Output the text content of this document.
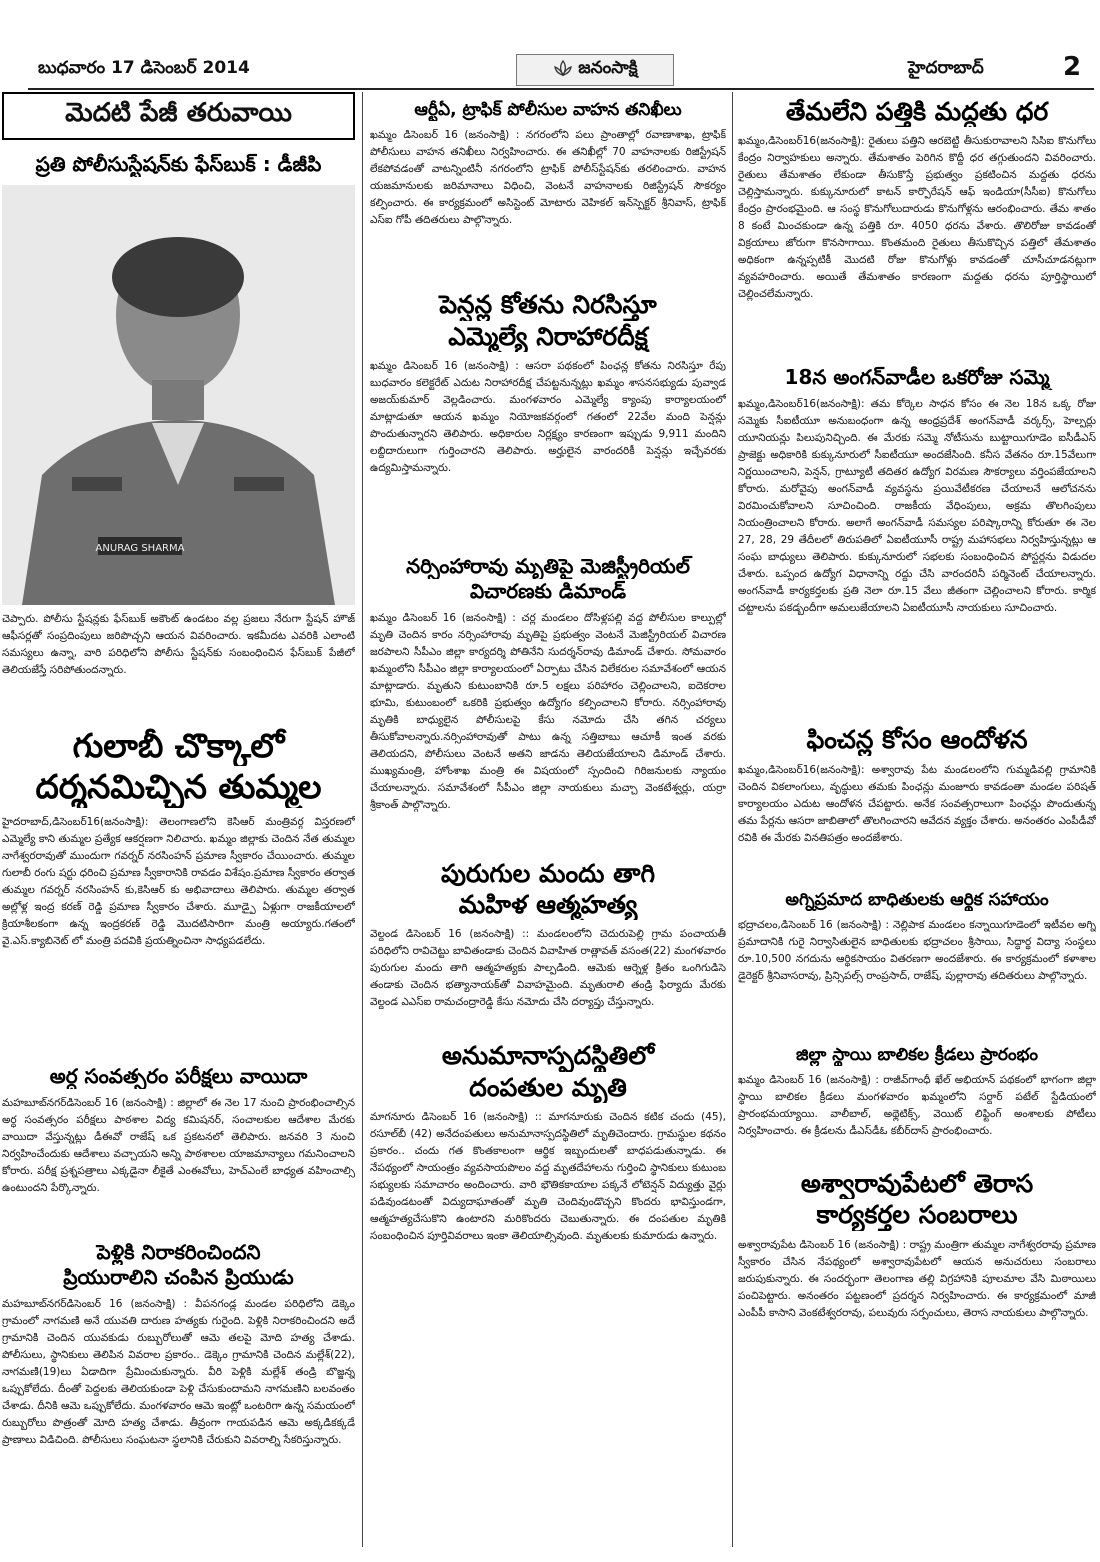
బుధవారం 17 డిసెంబర్ 2014	జనంసాక్షి	హైదరాబాద్	2
మెదటి పేజీ తరువాయి
ప్రతి పోలీసుస్టేషన్‌కు ఫేస్‌బుక్ : డీజీపి
ANURAG SHARMA

చెప్పారు. పోలీసు స్టేషన్లకు ఫేస్‌బుక్ అకౌంట్ ఉండటం వల్ల ప్రజలు నేరుగా స్టేషన్ హౌజ్ ఆఫీసర్లతో సంప్రదింపులు జరిపొచ్చని ఆయన వివరించారు. ఇకమీదట ఎవరికి ఎలాంటి సమస్యలు ఉన్నా, వారి పరిధిలోని పోలీసు స్టేషన్‌కు సంబంధించిన ఫేస్‌బుక్ పేజీలో తెలియజేస్తే సరిపోతుందన్నారు.

గులాబీ చొక్కాలో
దర్శనమిచ్చిన తుమ్మల

హైదరాబాద్,డిసెంబర్16(జనంసాక్షి): తెలంగాణలోని కెసిఆర్ మంత్రివర్గ విస్తరణలో ఎమ్మెల్యే కాని తుమ్మల ప్రత్యేక ఆకర్షణగా నిలిచారు. ఖమ్మం జిల్లాకు చెందిన నేత తుమ్మల నాగేశ్వరరావుతో ముందుగా గవర్నర్ నరసింహన్ ప్రమాణ స్వీకారం చేయించారు. తుమ్మల గులాబీ రంగు షర్టు ధరించి ప్రమాణ స్వీకారానికి రావడం విశేషం.ప్రమాణ స్వీకారం తర్వాత తుమ్మల గవర్నర్ నరసింహన్ కు,కెసిఆర్ కు అభివాదాలు తెలిపారు. తుమ్మల తర్వాత అల్లోళ్ల ఇంద్ర కరణ్ రెడ్డి ప్రమాణ స్వీకారం చేశారు. మూడ్పై ఏళ్లుగా రాజకీయాలలో క్రియాశీలకంగా ఉన్న ఇంద్రకరణ్ రెడ్డి మొదటిసారిగా మంత్రి అయ్యారు.గతంలో వై.ఎస్.క్యాబినెట్ లో మంత్రి పదవికి ప్రయత్నించినా సాధ్యపడలేదు.

అర్ధ సంవత్సరం పరీక్షలు వాయిదా

మహబూబ్‌నగర్‌డిసెంబర్ 16 (జనంసాక్షి) : జిల్లాలో ఈ నెల 17 నుంచి ప్రారంభించాల్సిన అర్ధ సంవత్సరం పరీక్షలు పాఠశాల విద్య కమిషనర్, సంచాలకుల ఆదేశాల మేరకు వాయిదా వేస్తున్నట్లు డీఈవో రాజేష్ ఒక ప్రకటనలో తెలిపారు. జనవరి 3 నుంచి నిర్వహించేందుకు ఆదేశాలు వచ్చాయని అన్ని పాఠశాలల యాజమాన్యాలు గమనించాలని కోరారు. పరీక్ష ప్రశ్నపత్రాలు ఎక్కడైనా లీకైతే ఎంఈవోలు, హెచ్ఎంలే బాధ్యత వహించాల్సి ఉంటుందని పేర్కొన్నారు.

పెళ్లికి నిరాకరించిందని
ప్రియురాలిని చంపిన ప్రియుడు

మహబూబ్‌నగర్‌డిసెంబర్ 16 (జనంసాక్షి) : వీపనగండ్ల మండల పరిధిలోని డెక్కెం గ్రామంలో నాగమణి అనే యువతి దారుణ హత్యకు గురైంది. పెళ్లికి నిరాకరించిందని అదే గ్రామానికి చెందిన యువకుడు రుబ్బురోలుతో ఆమె తలపై మోది హత్య చేశాడు. పోలీసులు, స్థానికులు తెలిపిన వివరాల ప్రకారం.. డెక్కెం గ్రామానికి చెందిన మల్లేశ్(22), నాగమణి(19)లు ఏడాదిగా ప్రేమించుకున్నారు. వీరి పెళ్లికి మల్లేశ్ తండ్రి బొజ్జన్న ఒప్పుకోలేదు. దీంతో పెద్దలకు తెలియకుండా పెళ్లి చేసుకుందామని నాగమణిని బలవంతం చేశాడు. దీనికి ఆమె ఒప్పుకోలేదు. మంగళవారం ఆమె ఇంట్లో ఒంటరిగా ఉన్న సమయంలో రుబ్బురోలు పొత్రంతో మోది హత్య చేశాడు. తీవ్రంగా గాయపడిన ఆమె అక్కడికక్కడే ప్రాణాలు విడిచింది. పోలీసులు సంఘటనా స్థలానికి చేరుకుని వివరాల్ని సేకరిస్తున్నారు.

ఆర్టీఏ, ట్రాఫిక్ పోలీసుల వాహన తనిఖీలు

ఖమ్మం డిసెంబర్ 16 (జనంసాక్షి) : నగరంలోని పలు ప్రాంతాల్లో రవాణాశాఖ, ట్రాఫిక్ పోలీసులు వాహన తనిఖీలు నిర్వహించారు. ఈ తనిఖీల్లో 70 వాహనాలకు రిజిస్ట్రేషన్ లేకపోవడంతో వాటన్నింటినీ నగరంలోని ట్రాఫిక్ పోలీస్‌స్టేషన్‌కు తరలించారు. వాహన యజమానులకు జరిమానాలు విధించి, వెంటనే వాహనాలకు రిజిస్ట్రేషన్ సౌకర్యం కల్పించారు. ఈ కార్యక్రమంలో అసిస్టెంట్ మోటారు వెహికల్ ఇన్‌స్పెక్టర్ శ్రీనివాస్, ట్రాఫిక్ ఎస్ఐ గోపీ తదితరులు పాల్గొన్నారు.

పెన్షన్ల కోతను నిరసిస్తూ
ఎమ్మెల్యే నిరాహారదీక్ష

ఖమ్మం డిసెంబర్ 16 (జనంసాక్షి) : ఆసరా పథకంలో పింఛన్ల కోతను నిరసిస్తూ రేపు బుధవారం కలెక్టరేట్ ఎదుట నిరాహారదీక్ష చేపట్టనున్నట్లు ఖమ్మం శాసనసభ్యుడు పువ్వాడ అజయ్‌కుమార్ వెల్లడించారు. మంగళవారం ఎమ్మెల్యే క్యాంపు కార్యాలయంలో మాట్లాడుతూ ఆయన ఖమ్మం నియోజకవర్గంలో గతంలో 22వేల మంది పెన్షన్లు పొందుతున్నారని తెలిపారు. అధికారుల నిర్లక్ష్యం కారణంగా ఇప్పుడు 9,911 మందిని లబ్దిదారులుగా గుర్తించారని తెలిపారు. అర్హులైన వారందరికీ పెన్షన్లు ఇచ్చేవరకు ఉద్యమిస్తామన్నారు.

నర్సింహారావు మృతిపై మెజిస్ట్రీరియల్
విచారణకు డిమాండ్

ఖమ్మం డిసెంబర్ 16 (జనంసాక్షి) : చర్ల మండలం దోసిళ్లపల్లి వద్ద పోలీసుల కాల్పుల్లో మృతి చెందిన కారం నర్సింహారావు మృతిపై ప్రభుత్వం వెంటనే మెజిస్ట్రీరియల్ విచారణ జరపాలని సీపీఎం జిల్లా కార్యదర్శి పోతినేని సుదర్శన్‌రావు డిమాండ్ చేశారు. సోమవారం ఖమ్మంలోని సీపీఎం జిల్లా కార్యాలయంలో ఏర్పాటు చేసిన విలేకరుల సమావేశంలో ఆయన మాట్లాడారు. మృతుని కుటుంబానికి రూ.5 లక్షలు పరిహారం చెల్లించాలని, ఐదెకరాల భూమి, కుటుంబంలో ఒకరికి ప్రభుత్వం ఉద్యోగం కల్పించాలని కోరారు. నర్సింహారావు మృతికి బాధ్యులైన పోలీసులపై కేసు నమోదు చేసి తగిన చర్యలు తీసుకోవాలన్నారు.నర్సింహారావుతో పాటు ఉన్న సత్తిబాబు ఆచూకీ ఇంత వరకు తెలియదని, పోలీసులు వెంటనే అతని జాడను తెలియజేయాలని డిమాండ్ చేశారు. ముఖ్యమంత్రి, హోంశాఖ మంత్రి ఈ విషయంలో స్పందించి గిరిజనులకు న్యాయం చేయాలన్నారు. సమావేశంలో సీపీఎం జిల్లా నాయకులు మచ్చా వెంకటేశ్వర్లు, యర్రా శ్రీకాంత్ పాల్గొన్నారు.

పురుగుల మందు తాగి
మహిళ ఆత్మహత్య

వెల్దండ డిసెంబర్ 16 (జనంసాక్షి) :: మండలంలోని చెదురుపెల్లి గ్రామ పంచాయతీ పరిధిలోని రావిచెట్టు బావితండాకు చెందిన వివాహిత రాత్లావత్ వసంత(22) మంగళవారం పురుగుల మందు తాగి ఆత్మహత్యకు పాల్పడింది. ఆమెకు ఆర్నెళ్ల క్రితం ఒంగిగుడిసె తండాకు చెందిన భత్యానాయక్‌తో వివాహమైంది. మృతురాలి తండ్రి ఫిర్యాదు మేరకు వెల్దండ ఎఎస్ఐ రామచంద్రారెడ్డి కేసు నమోదు చేసి దర్యాప్తు చేస్తున్నారు.

అనుమానాస్పదస్థితిలో
దంపతుల మృతి

మాగనూరు డిసెంబర్ 16 (జనంసాక్షి) :: మాగనూరుకు చెందిన కటిక చందు (45), రసూల్‌బీ (42) అనేదంపతులు అనుమానాస్పదస్థితిలో మృతిచెందారు. గ్రామస్థుల కథనం ప్రకారం.. చందు గత కొంతకాలంగా ఆర్థిక ఇబ్బందులతో బాధపడుతున్నాడు. ఈ నేపథ్యంలో సాయంత్రం వ్యవసాయపొలం వద్ద మృతదేహాలను గుర్తించి స్థానికులు కుటుంబ సభ్యులకు సమాచారం అందించారు. వారి భౌతికకాయాల పక్కనే లోటెన్షన్ విద్యుత్తు వైర్లు పడివుండటంతో విద్యుదాఘాతంతో మృతి చెందివుండొచ్చని కొందరు భావిస్తుండగా, ఆత్మహత్యచేసుకొని ఉంటారని మరికొందరు చెబుతున్నారు. ఈ దంపతుల మృతికి సంబంధించిన పూర్తివివరాలు ఇంకా తెలియాల్సివుంది. మృతులకు కుమారుడు ఉన్నారు.

తేమలేని పత్తికి మద్దతు ధర

ఖమ్మం,డిసెంబర్16(జనంసాక్షి): రైతులు పత్తిని ఆరబెట్టి తీసుకురావాలని సిసిఐ కొనుగోలు కేంద్రం నిర్వాహకులు అన్నారు. తేమశాతం పెరిగిన కొద్దీ ధర తగ్గుతుందని వివరించారు. రైతులు తేమశాతం లేకుండా తీసుకొస్తే ప్రభుత్వం ప్రకటించిన మద్దతు ధరను చెల్లిస్తామన్నారు. కుక్కునూరులో కాటన్ కార్పొరేషన్ ఆఫ్ ఇండియా(సీసీఐ) కొనుగోలు కేంద్రం ప్రారంభమైంది. ఆ సంస్థ కొనుగోలుదారుడు కొనుగోళ్లను ఆరంభించారు. తేమ శాతం 8 కంటే మించకుండా ఉన్న పత్తికి రూ. 4050 ధరను వేశారు. తొలిరోజు కావడంతో విక్రయాలు జోరుగా కొనసాగాయి. కొంతమంది రైతులు తీసుకొచ్చిన పత్తిలో తేమశాతం అధికంగా ఉన్నప్పటికీ మొదటి రోజు కొనుగోళ్లు కావడంతో చూసీచూడనట్లుగా వ్యవహరించారు. అయితే తేమశాతం కారణంగా మద్దతు ధరను పూర్తిస్థాయిలో చెల్లించలేమన్నారు.

18న అంగన్‌వాడీల ఒకరోజు సమ్మె

ఖమ్మం,డిసెంబర్16(జనంసాక్షి): తమ కోర్కెల సాధన కోసం ఈ నెల 18న ఒక్క రోజు సమ్మెకు సీఐటీయూ అనుబంధంగా ఉన్న ఆంధ్రప్రదేశ్ అంగన్‌వాడీ వర్కర్స్, హెల్పర్లు యూనియన్లు పిలుపునిచ్చింది. ఈ మేరకు సమ్మె నోటీసును బుట్టాయిగూడెం ఐసీడీఎస్ ప్రాజెక్టు అధికారికి కుక్కునూరులో సీఐటీయూ అందజేసింది. కనీస వేతనం రూ.15వేలుగా నిర్ణయించాలని, పెన్షన్, గ్రాట్యూటీ తదితర ఉద్యోగ విరమణ సౌకర్యాలు వర్తింపజేయాలని కోరారు. మరోవైపు అంగన్‌వాడీ వ్యవస్థను ప్రయివేటీకరణ చేయాలనే ఆలోచనను విరమించుకోవాలని సూచించింది. రాజకీయ వేధింపులు, అక్రమ తొలగింపులు నియంత్రించాలని కోరారు. అలాగే అంగన్‌వాడీ సమస్యల పరిష్కారాన్ని కోరుతూ ఈ నెల 27, 28, 29 తేదీలలో తిరుపతిలో ఏఐటీయూసీ రాష్ట్ర మహాసభలు నిర్వహిస్తున్నట్లు ఆ సంఘ బాధ్యులు తెలిపారు. కుక్కునూరులో సభలకు సంబంధించిన పోస్టర్లను విడుదల చేశారు. ఒప్పంద ఉద్యోగ విధానాన్ని రద్దు చేసి వారందరినీ పర్మినెంట్ చేయాలన్నారు. అంగన్‌వాడీ కార్యకర్తలకు ప్రతి నెలా రూ.15 వేలు జీతంగా చెల్లించాలని కోరారు. కార్మిక చట్టాలను పకడ్బందీగా అమలుజేయాలని ఏఐటీయూసీ నాయకులు సూచించారు.

ఫించన్ల కోసం ఆందోళన

ఖమ్మం,డిసెంబర్16(జనంసాక్షి): అశ్వారావు పేట మండలంలోని గుమ్మడివల్లి గ్రామానికి చెందిన వికలాంగులు, వృద్ధులు తమకు పింఛన్లు మంజూరు కావడంతా మండల పరిషత్ కార్యాలయం ఎదుట ఆందోళన చేపట్టారు. అనేక సంవత్సరాలుగా పింఛన్లు పొందుతున్న తమ పేర్లను ఆసరా జాబితాలో తొలగించారని ఆవేదన వ్యక్తం చేశారు. అనంతరం ఎంపీడీవో రవికి ఈ మేరకు వినతిపత్రం అందజేశారు.

అగ్నిప్రమాద బాధితులకు ఆర్థిక సహాయం

భద్రాచలం,డిసెంబర్ 16 (జనంసాక్షి) : నెల్లిపాక మండలం కన్నాయిగూడెంలో ఇటీవల అగ్ని ప్రమాదానికి గురై నిర్వాసితులైన బాధితులకు భద్రాచలం శ్రీసాయి, సిద్ధార్థ విద్యా సంస్థలు రూ.10,500 నగదును ఆర్థికసాయం వితరణగా అందజేశారు. ఈ కార్యక్రమంలో కళాశాల డైరెక్టర్ శ్రీనివాసరావు, ప్రిన్సిపల్స్ రాంప్రసాద్, రాజేష్, పుల్లారావు తదితరులు పాల్గొన్నారు.

జిల్లా స్థాయి బాలికల క్రీడలు ప్రారంభం

ఖమ్మం డిసెంబర్ 16 (జనంసాక్షి) : రాజీవ్‌గాంధీ ఖేల్ అభియాన్ పథకంలో భాగంగా జిల్లా స్థాయి బాలికల క్రీడలు మంగళవారం ఖమ్మంలోని సర్దార్ పటేల్ స్టేడియంలో ప్రారంభమయ్యాయి. వాలీబాల్, అథ్లెటిక్స్, వెయిట్ లిఫ్టింగ్ అంశాలకు పోటీలు నిర్వహించారు. ఈ క్రీడలను డీఎస్‌డీఓ కబీర్‌దాస్ ప్రారంభించారు.

అశ్వారావుపేటలో తెరాస
కార్యకర్తల సంబరాలు

అశ్వారావుపేట డిసెంబర్ 16 (జనంసాక్షి) : రాష్ట్ర మంత్రిగా తుమ్మల నాగేశ్వరరావు ప్రమాణ స్వీకారం చేసిన నేపథ్యంలో అశ్వారావుపేటలో ఆయన అనుచరులు సంబరాలు జరుపుకున్నారు. ఈ సందర్భంగా తెలంగాణ తల్లి విగ్రహానికి పూలమాల వేసి మిఠాయిలు పంచిపెట్టారు. అనంతరం పట్టణంలో ప్రదర్శన నిర్వహించారు. ఈ కార్యక్రమంలో మాజీ ఎంపీపీ కాసాని వెంకటేశ్వరరావు, పలువురు సర్పంచులు, తెరాస నాయకులు పాల్గొన్నారు.
